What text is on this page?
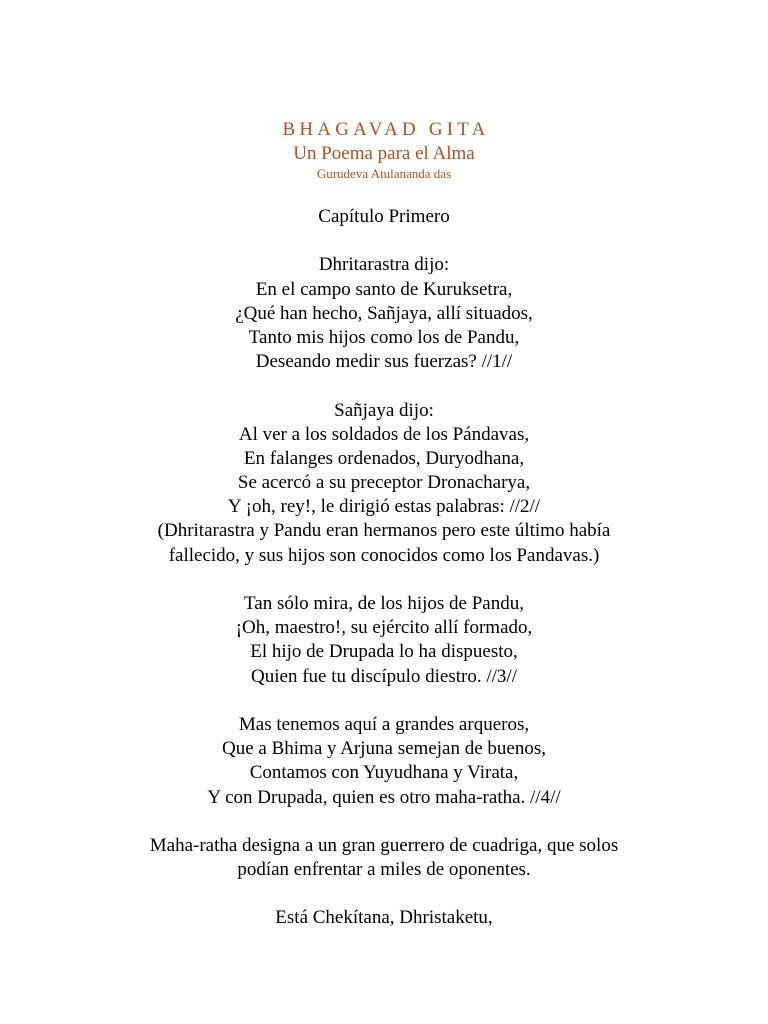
BHAGAVAD GITA
Un Poema para el Alma
Gurudeva Atulananda das
Capítulo Primero
Dhritarastra dijo:
En el campo santo de Kuruksetra,
¿Qué han hecho, Sañjaya, allí situados,
Tanto mis hijos como los de Pandu,
Deseando medir sus fuerzas? //1//
Sañjaya dijo:
Al ver a los soldados de los Pándavas,
En falanges ordenados, Duryodhana,
Se acercó a su preceptor Dronacharya,
Y ¡oh, rey!, le dirigió estas palabras: //2//
(Dhritarastra y Pandu eran hermanos pero este último había
fallecido, y sus hijos son conocidos como los Pandavas.)
Tan sólo mira, de los hijos de Pandu,
¡Oh, maestro!, su ejército allí formado,
El hijo de Drupada lo ha dispuesto,
Quien fue tu discípulo diestro. //3//
Mas tenemos aquí a grandes arqueros,
Que a Bhima y Arjuna semejan de buenos,
Contamos con Yuyudhana y Virata,
Y con Drupada, quien es otro maha-ratha. //4//
Maha-ratha designa a un gran guerrero de cuadriga, que solos
podían enfrentar a miles de oponentes.
Está Chekítana, Dhristaketu,
